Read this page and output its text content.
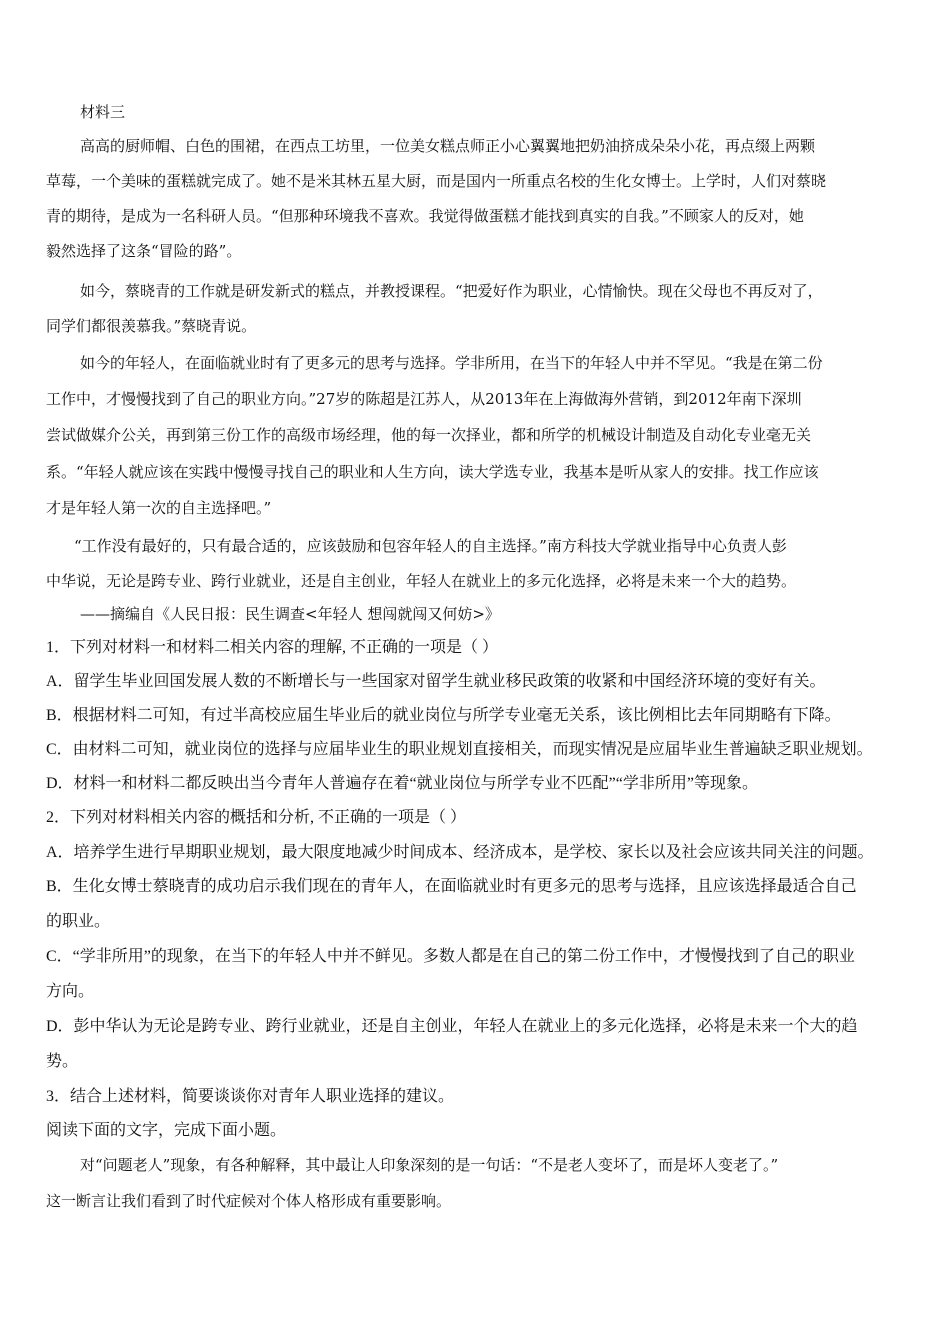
材料三
高高的厨师帽、白色的围裙，在西点工坊里，一位美女糕点师正小心翼翼地把奶油挤成朵朵小花，再点缀上两颗
草莓，一个美味的蛋糕就完成了。她不是米其林五星大厨，而是国内一所重点名校的生化女博士。上学时，人们对蔡晓
青的期待，是成为一名科研人员。“但那种环境我不喜欢。我觉得做蛋糕才能找到真实的自我。”不顾家人的反对，她
毅然选择了这条“冒险的路”。
如今，蔡晓青的工作就是研发新式的糕点，并教授课程。“把爱好作为职业，心情愉快。现在父母也不再反对了，
同学们都很羡慕我。”蔡晓青说。
如今的年轻人，在面临就业时有了更多元的思考与选择。学非所用，在当下的年轻人中并不罕见。“我是在第二份
工作中，才慢慢找到了自己的职业方向。”27岁的陈超是江苏人，从2013年在上海做海外营销，到2012年南下深圳
尝试做媒介公关，再到第三份工作的高级市场经理，他的每一次择业，都和所学的机械设计制造及自动化专业毫无关
系。“年轻人就应该在实践中慢慢寻找自己的职业和人生方向，读大学选专业，我基本是听从家人的安排。找工作应该
才是年轻人第一次的自主选择吧。”
“工作没有最好的，只有最合适的，应该鼓励和包容年轻人的自主选择。”南方科技大学就业指导中心负责人彭
中华说，无论是跨专业、跨行业就业，还是自主创业，年轻人在就业上的多元化选择，必将是未来一个大的趋势。
——摘编自《人民日报：民生调查<年轻人 想闯就闯又何妨>》
1．下列对材料一和材料二相关内容的理解, 不正确的一项是（ ）
A．留学生毕业回国发展人数的不断增长与一些国家对留学生就业移民政策的收紧和中国经济环境的变好有关。
B．根据材料二可知，有过半高校应届生毕业后的就业岗位与所学专业毫无关系，该比例相比去年同期略有下降。
C．由材料二可知，就业岗位的选择与应届毕业生的职业规划直接相关，而现实情况是应届毕业生普遍缺乏职业规划。
D．材料一和材料二都反映出当今青年人普遍存在着“就业岗位与所学专业不匹配”“学非所用”等现象。
2．下列对材料相关内容的概括和分析, 不正确的一项是（ ）
A．培养学生进行早期职业规划，最大限度地减少时间成本、经济成本，是学校、家长以及社会应该共同关注的问题。
B．生化女博士蔡晓青的成功启示我们现在的青年人，在面临就业时有更多元的思考与选择，且应该选择最适合自己
的职业。
C．“学非所用”的现象，在当下的年轻人中并不鲜见。多数人都是在自己的第二份工作中，才慢慢找到了自己的职业
方向。
D．彭中华认为无论是跨专业、跨行业就业，还是自主创业，年轻人在就业上的多元化选择，必将是未来一个大的趋
势。
3．结合上述材料，简要谈谈你对青年人职业选择的建议。
阅读下面的文字，完成下面小题。
对“问题老人”现象，有各种解释，其中最让人印象深刻的是一句话：“不是老人变坏了，而是坏人变老了。”
这一断言让我们看到了时代症候对个体人格形成有重要影响。
